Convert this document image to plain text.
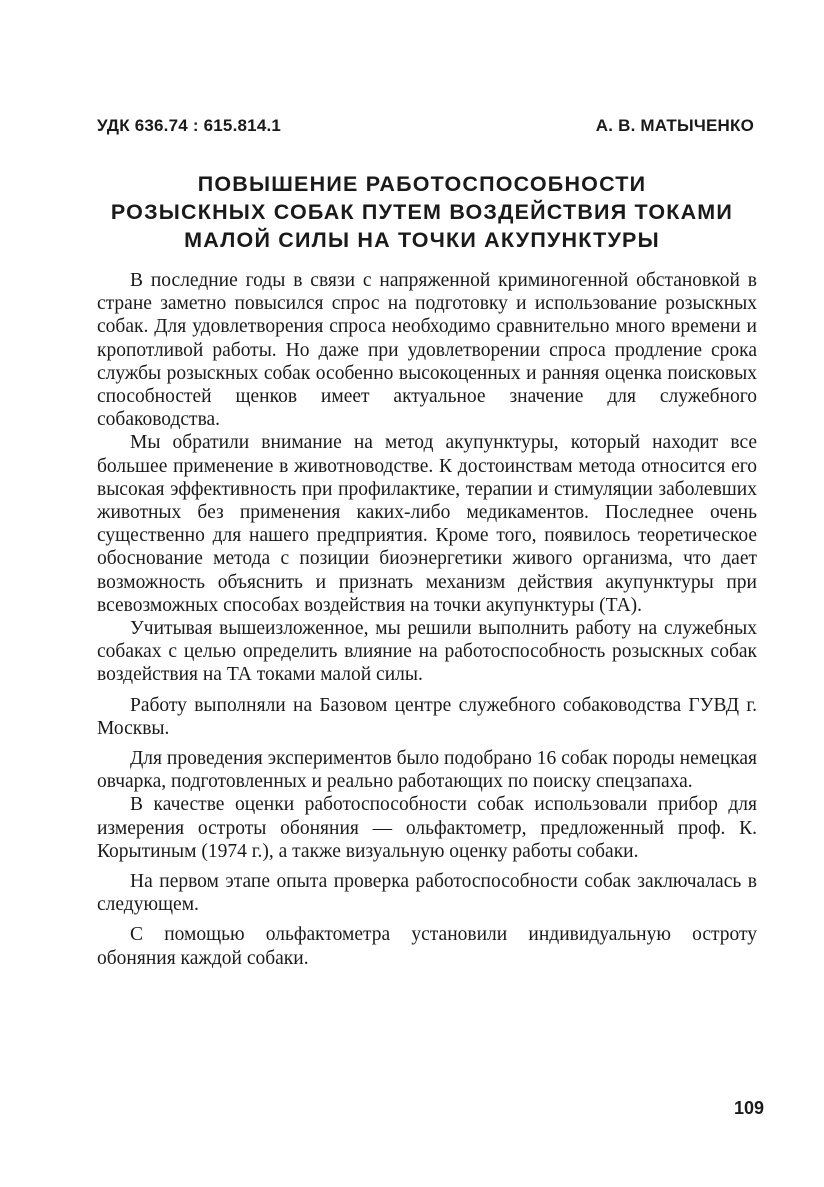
УДК 636.74 : 615.814.1	А. В. МАТЫЧЕНКО
ПОВЫШЕНИЕ РАБОТОСПОСОБНОСТИ
РОЗЫСКНЫХ СОБАК ПУТЕМ ВОЗДЕЙСТВИЯ ТОКАМИ
МАЛОЙ СИЛЫ НА ТОЧКИ АКУПУНКТУРЫ

В последние годы в связи с напряженной криминогенной обстановкой в стране заметно повысился спрос на подготовку и использование розыскных собак. Для удовлетворения спроса необходимо сравнительно много времени и кропотливой работы. Но даже при удовлетворении спроса продление срока службы розыскных собак особенно высокоценных и ранняя оценка поисковых способностей щенков имеет актуальное значение для служебного собаководства.

Мы обратили внимание на метод акупунктуры, который находит все большее применение в животноводстве. К достоинствам метода относится его высокая эффективность при профилактике, терапии и стимуляции заболевших животных без применения каких-либо медикаментов. Последнее очень существенно для нашего предприятия. Кроме того, появилось теоретическое обоснование метода с позиции биоэнергетики живого организма, что дает возможность объяснить и признать механизм действия акупунктуры при всевозможных способах воздействия на точки акупунктуры (ТА).

Учитывая вышеизложенное, мы решили выполнить работу на служебных собаках с целью определить влияние на работоспособность розыскных собак воздействия на ТА токами малой силы.

Работу выполняли на Базовом центре служебного собаководства ГУВД г. Москвы.

Для проведения экспериментов было подобрано 16 собак породы немецкая овчарка, подготовленных и реально работающих по поиску спецзапаха.

В качестве оценки работоспособности собак использовали прибор для измерения остроты обоняния — ольфактометр, предложенный проф. К. Корытиным (1974 г.), а также визуальную оценку работы собаки.

На первом этапе опыта проверка работоспособности собак заключалась в следующем.

С помощью ольфактометра установили индивидуальную остроту обоняния каждой собаки.

109
